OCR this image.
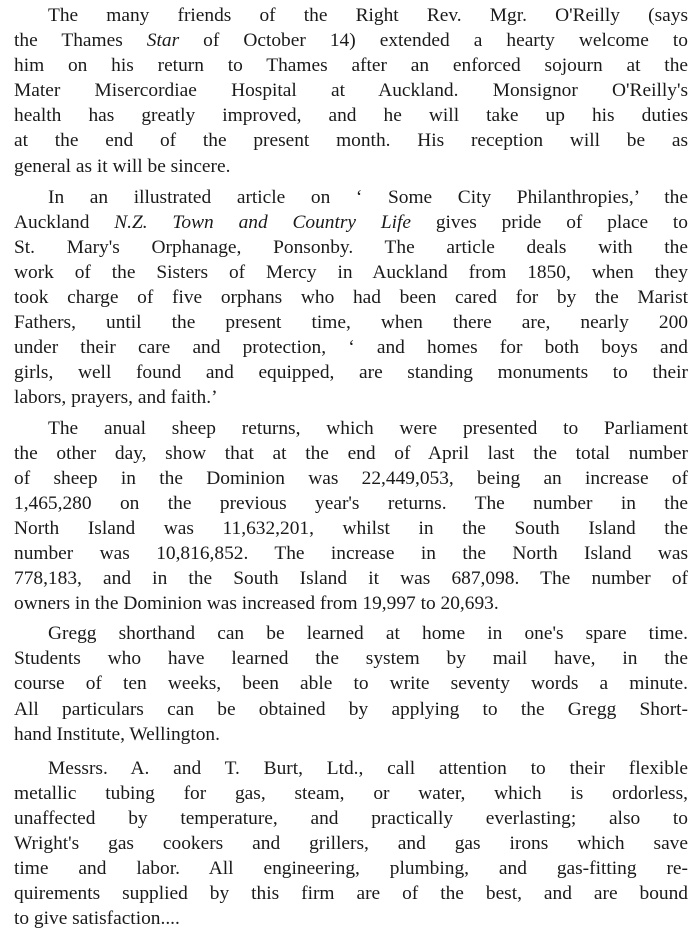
The many friends of the Right Rev. Mgr. O'Reilly (says
the Thames Star of October 14) extended a hearty welcome to
him on his return to Thames after an enforced sojourn at the
Mater Misercordiae Hospital at Auckland. Monsignor O'Reilly's
health has greatly improved, and he will take up his duties
at the end of the present month. His reception will be as
general as it will be sincere.
In an illustrated article on ‘ Some City Philanthropies,’ the
Auckland N.Z. Town and Country Life gives pride of place to
St. Mary's Orphanage, Ponsonby. The article deals with the
work of the Sisters of Mercy in Auckland from 1850, when they
took charge of five orphans who had been cared for by the Marist
Fathers, until the present time, when there are, nearly 200
under their care and protection, ‘ and homes for both boys and
girls, well found and equipped, are standing monuments to their
labors, prayers, and faith.’
The anual sheep returns, which were presented to Parliament
the other day, show that at the end of April last the total number
of sheep in the Dominion was 22,449,053, being an increase of
1,465,280 on the previous year's returns. The number in the
North Island was 11,632,201, whilst in the South Island the
number was 10,816,852. The increase in the North Island was
778,183, and in the South Island it was 687,098. The number of
owners in the Dominion was increased from 19,997 to 20,693.
Gregg shorthand can be learned at home in one's spare time.
Students who have learned the system by mail have, in the
course of ten weeks, been able to write seventy words a minute.
All particulars can be obtained by applying to the Gregg Short-
hand Institute, Wellington.
Messrs. A. and T. Burt, Ltd., call attention to their flexible
metallic tubing for gas, steam, or water, which is ordorless,
unaffected by temperature, and practically everlasting; also to
Wright's gas cookers and grillers, and gas irons which save
time and labor. All engineering, plumbing, and gas-fitting re-
quirements supplied by this firm are of the best, and are bound
to give satisfaction....
